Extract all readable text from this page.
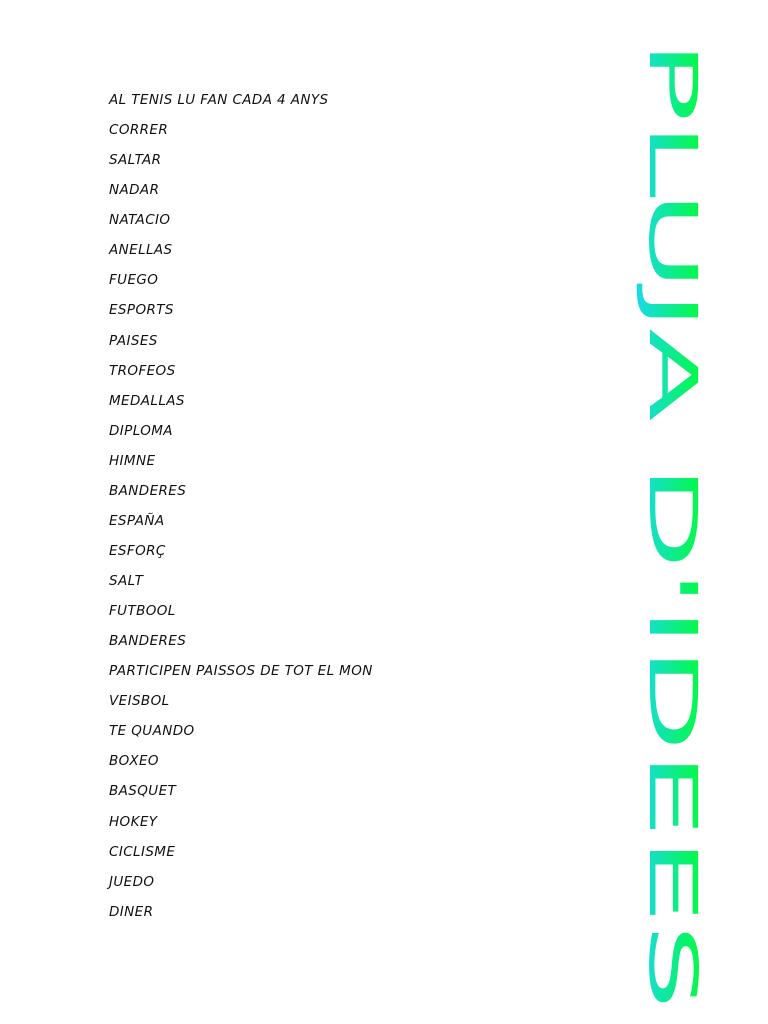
AL TENIS LU FAN CADA 4 ANYS
CORRER
SALTAR
NADAR
NATACIO
ANELLAS
FUEGO
ESPORTS
PAISES
TROFEOS
MEDALLAS
DIPLOMA
HIMNE
BANDERES
ESPAÑA
ESFORÇ
SALT
FUTBOOL
BANDERES
PARTICIPEN PAISSOS DE TOT EL MON
VEISBOL
TE QUANDO
BOXEO
BASQUET
HOKEY
CICLISME
JUEDO
DINER
PLUJA D'IDEES
